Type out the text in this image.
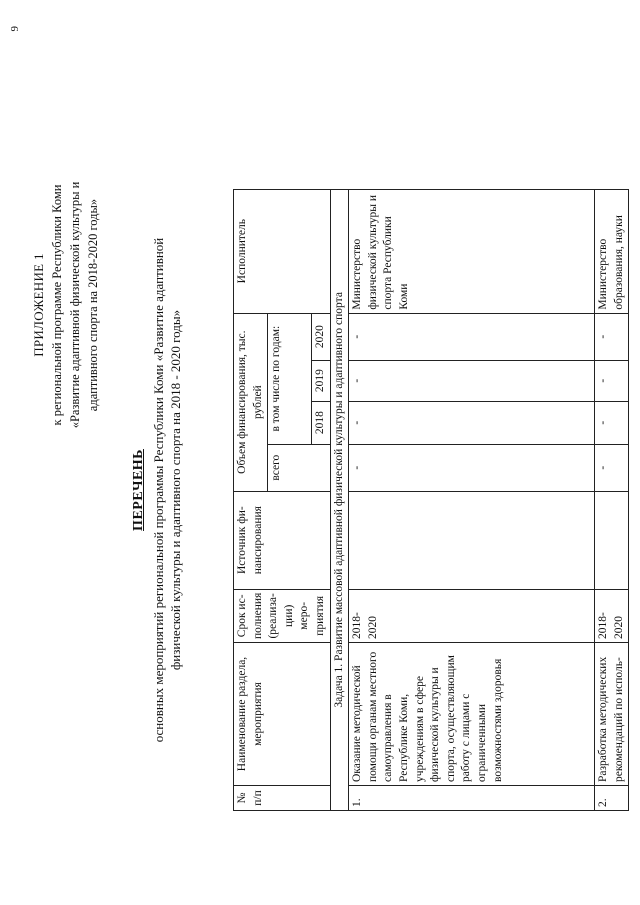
9
ПРИЛОЖЕНИЕ 1 к региональной программе Республики Коми «Развитие адаптивной физической культуры и адаптивного спорта на 2018-2020 годы»
ПЕРЕЧЕНЬ основных мероприятий региональной программы Республики Коми «Развитие адаптивной физической культуры и адаптивного спорта на 2018 - 2020 годы»
№ п/п	Наименование раздела, мероприятия	Срок ис- полнения (реализа- ции) меро- приятия	Источник фи- нансирования	Объем финансирования, тыс. рублей				Исполнитель
				всего	в том числе по годам:			
					2018	2019	2020	
Задача 1. Развитие массовой адаптивной физической культуры и адаптивного спорта								
1.	Оказание методической помощи органам местного самоуправления в Республике Коми, учреждениям в сфере физической культуры и спорта, осуществляющим работу с лицами с ограниченными возможностями здоровья	2018-2020		-	-	-	-	Министерство физической культуры и спорта Республики Коми
2.	Разработка методических рекомендаций по исполь-	2018-2020		-	-	-	-	Министерство образования, науки
